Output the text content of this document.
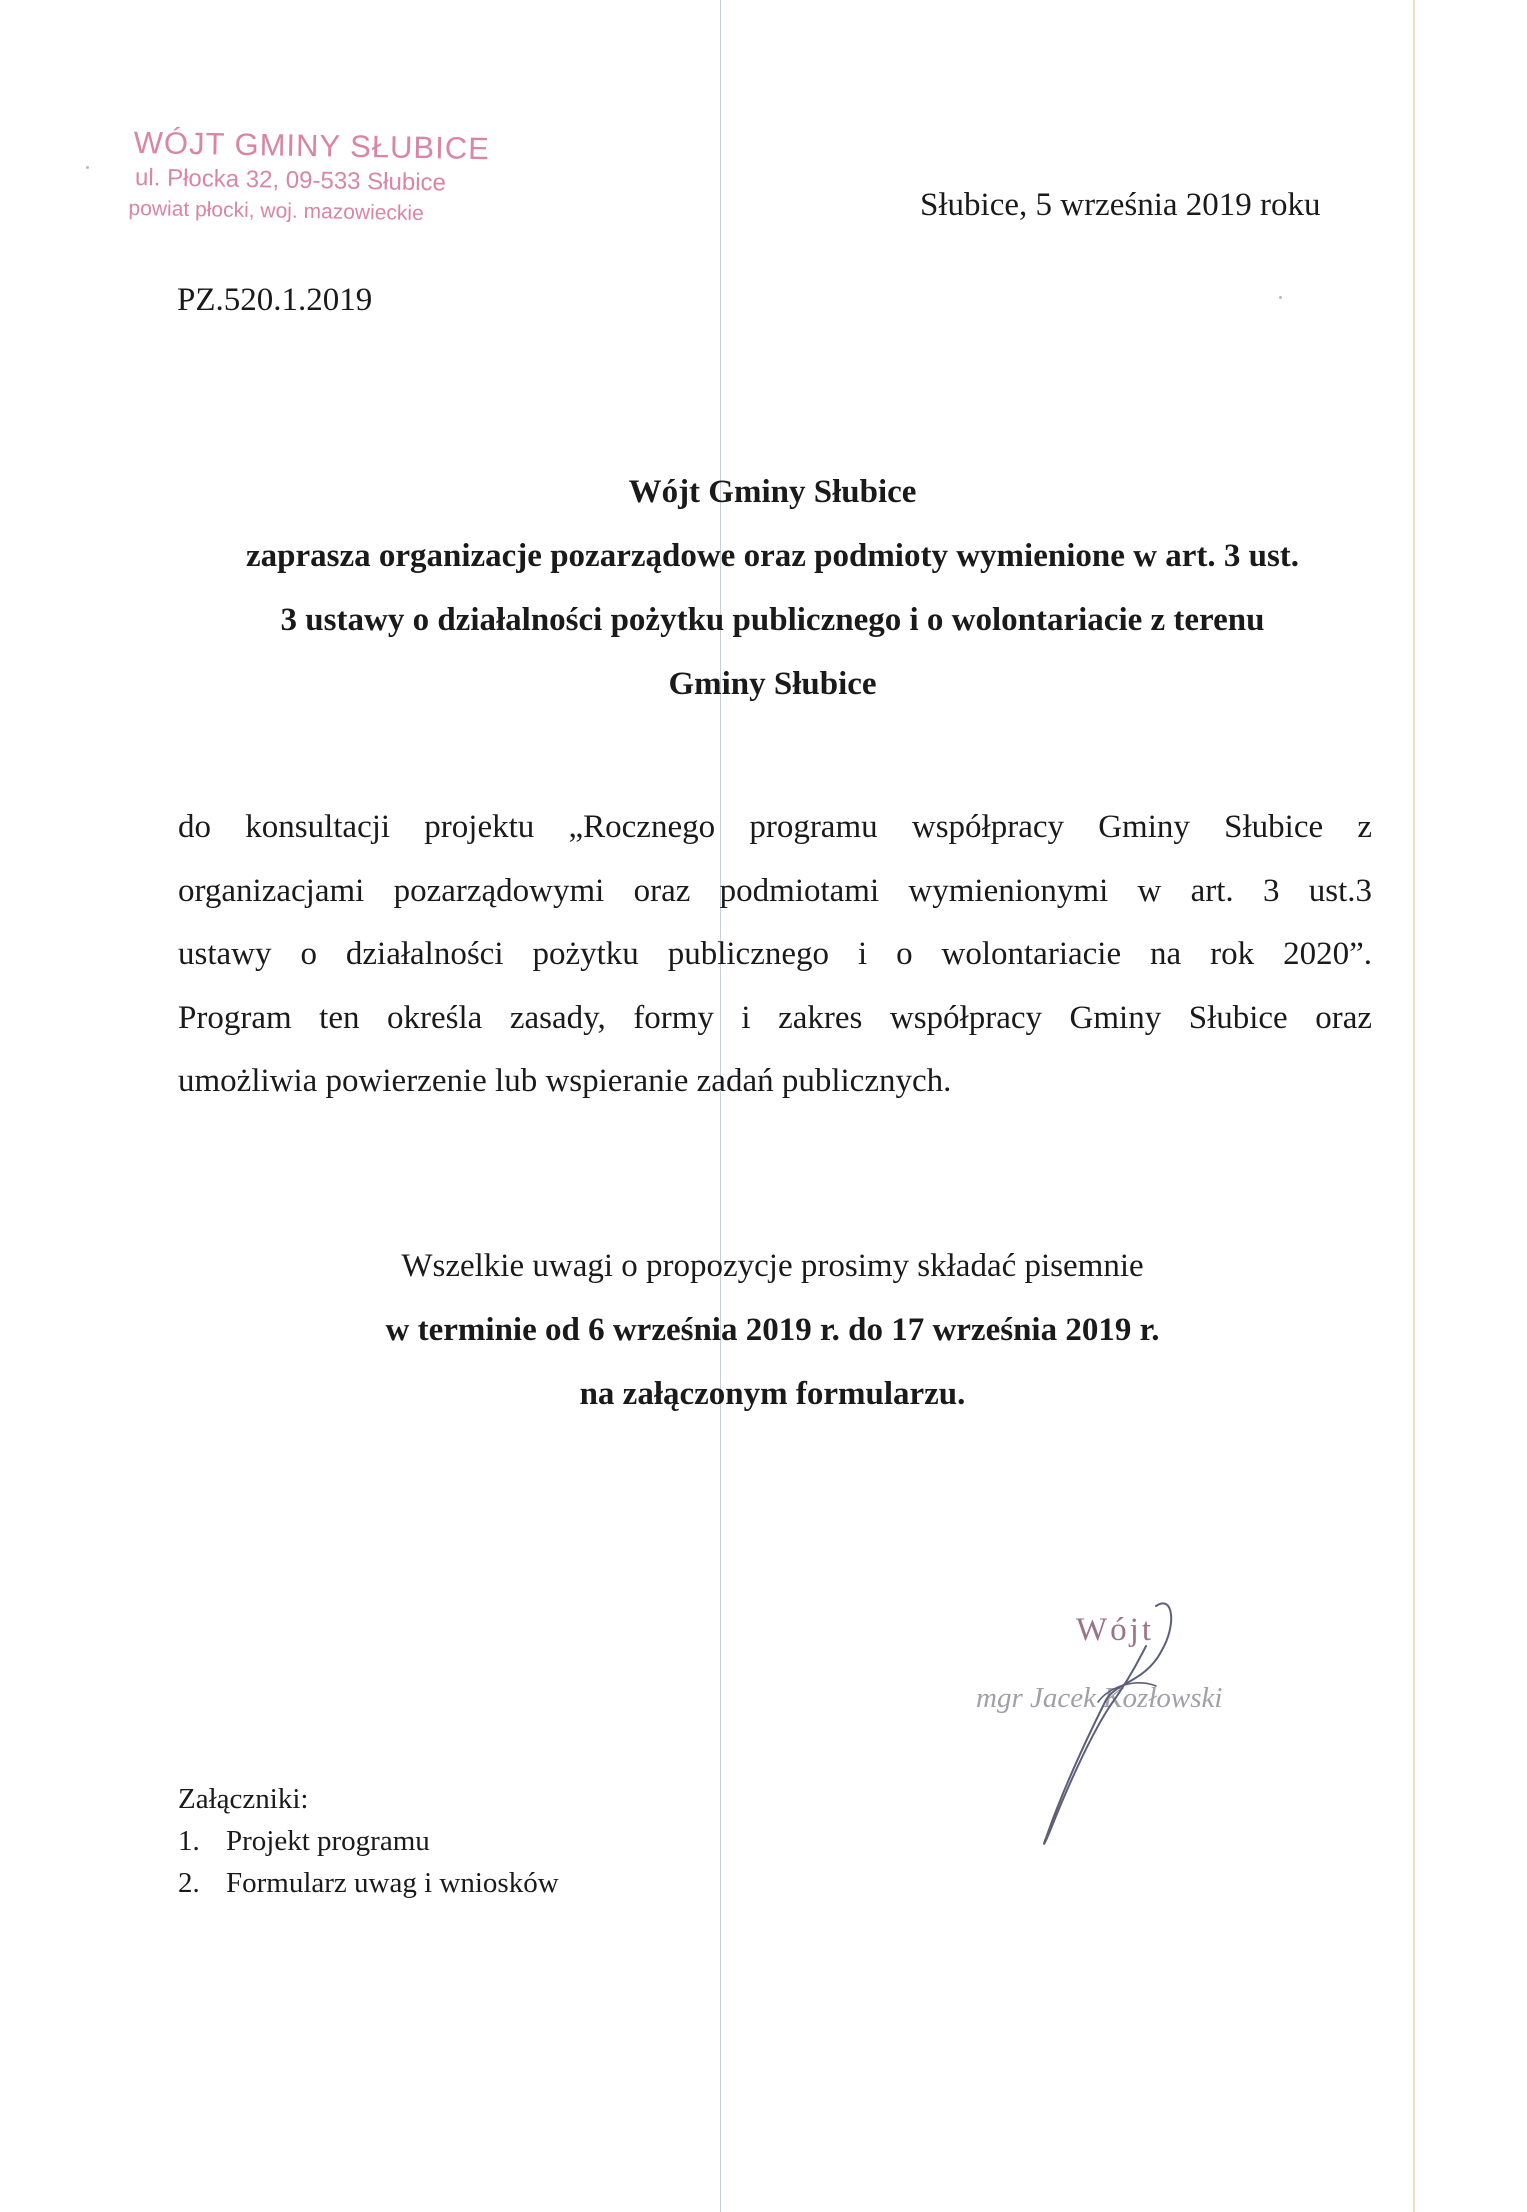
WÓJT GMINY SŁUBICE
ul. Płocka 32, 09-533 Słubice
powiat płocki, woj. mazowieckie	Słubice, 5 września 2019 roku
PZ.520.1.2019
Wójt Gminy Słubice
zaprasza organizacje pozarządowe oraz podmioty wymienione w art. 3 ust.
3 ustawy o działalności pożytku publicznego i o wolontariacie z terenu
Gminy Słubice
do konsultacji projektu „Rocznego programu współpracy Gminy Słubice z
organizacjami pozarządowymi oraz podmiotami wymienionymi w art. 3 ust.3
ustawy o działalności pożytku publicznego i o wolontariacie na rok 2020”.
Program ten określa zasady, formy i zakres współpracy Gminy Słubice oraz
umożliwia powierzenie lub wspieranie zadań publicznych.
Wszelkie uwagi o propozycje prosimy składać pisemnie
w terminie od 6 września 2019 r. do 17 września 2019 r.
na załączonym formularzu.
Wójt
mgr Jacek Kozłowski
Załączniki:
1. Projekt programu
2. Formularz uwag i wniosków
